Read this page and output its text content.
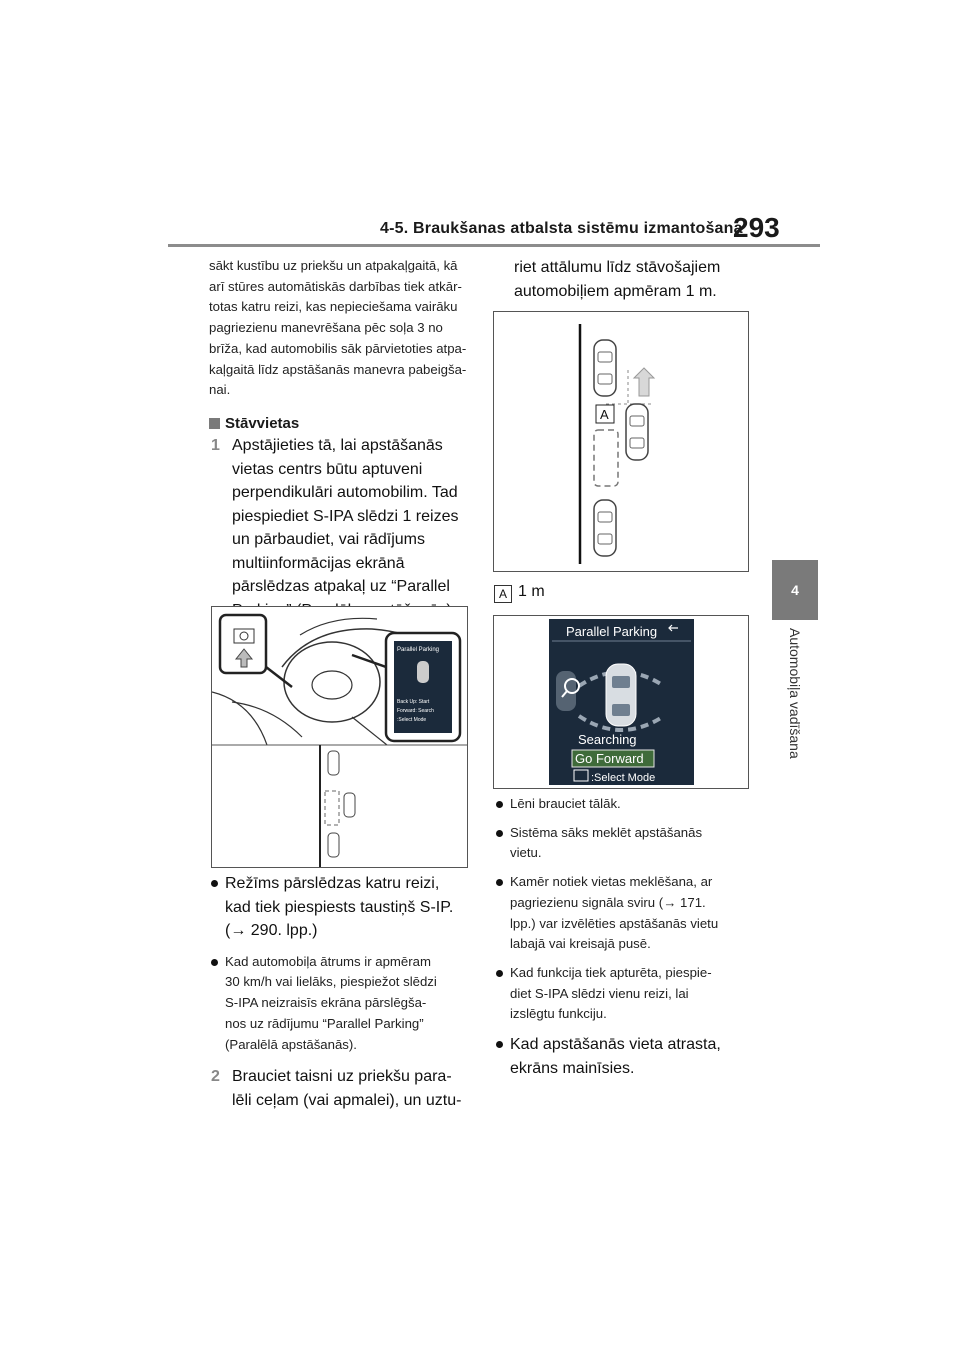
4-5. Braukšanas atbalsta sistēmu izmantošana
293
4
Automobiļa vadīšana
sākt kustību uz priekšu un atpakaļgaitā, kā
arī stūres automātiskās darbības tiek atkār-
totas katru reizi, kas nepieciešama vairāku
pagriezienu manevrēšana pēc soļa 3 no
brīža, kad automobilis sāk pārvietoties atpa-
kaļgaitā līdz apstāšanās manevra pabeigša-
nai.
Stāvvietas
1 Apstājieties tā, lai apstāšanās
vietas centrs būtu aptuveni
perpendikulāri automobilim. Tad
piespiediet S-IPA slēdzi 1 reizes
un pārbaudiet, vai rādījums
multiinformācijas ekrānā
pārslēdzas atpakaļ uz “Parallel
Parallel Parking
Back Up: Start
Forward: Search
:Select Mode
Režīms pārslēdzas katru reizi,
kad tiek piespiests taustiņš S-IP.
(→ 290. lpp.)
Kad automobiļa ātrums ir apmēram
30 km/h vai lielāks, piespiežot slēdzi
S-IPA neizraisīs ekrāna pārslēgša-
nos uz rādījumu “Parallel Parking”
(Paralēlā apstāšanās).
2 Brauciet taisni uz priekšu para-
lēli ceļam (vai apmalei), un uztu-
riet attālumu līdz stāvošajiem
automobiļiem apmēram 1 m.
A
A 1 m
Parallel Parking
Searching
Go Forward
:Select Mode
Lēni brauciet tālāk.
Sistēma sāks meklēt apstāšanās
vietu.
Kamēr notiek vietas meklēšana, ar
pagriezienu signāla sviru (→ 171.
lpp.) var izvēlēties apstāšanās vietu
labajā vai kreisajā pusē.
Kad funkcija tiek apturēta, piespie-
diet S-IPA slēdzi vienu reizi, lai
izslēgtu funkciju.
Kad apstāšanās vieta atrasta,
ekrāns mainīsies.
